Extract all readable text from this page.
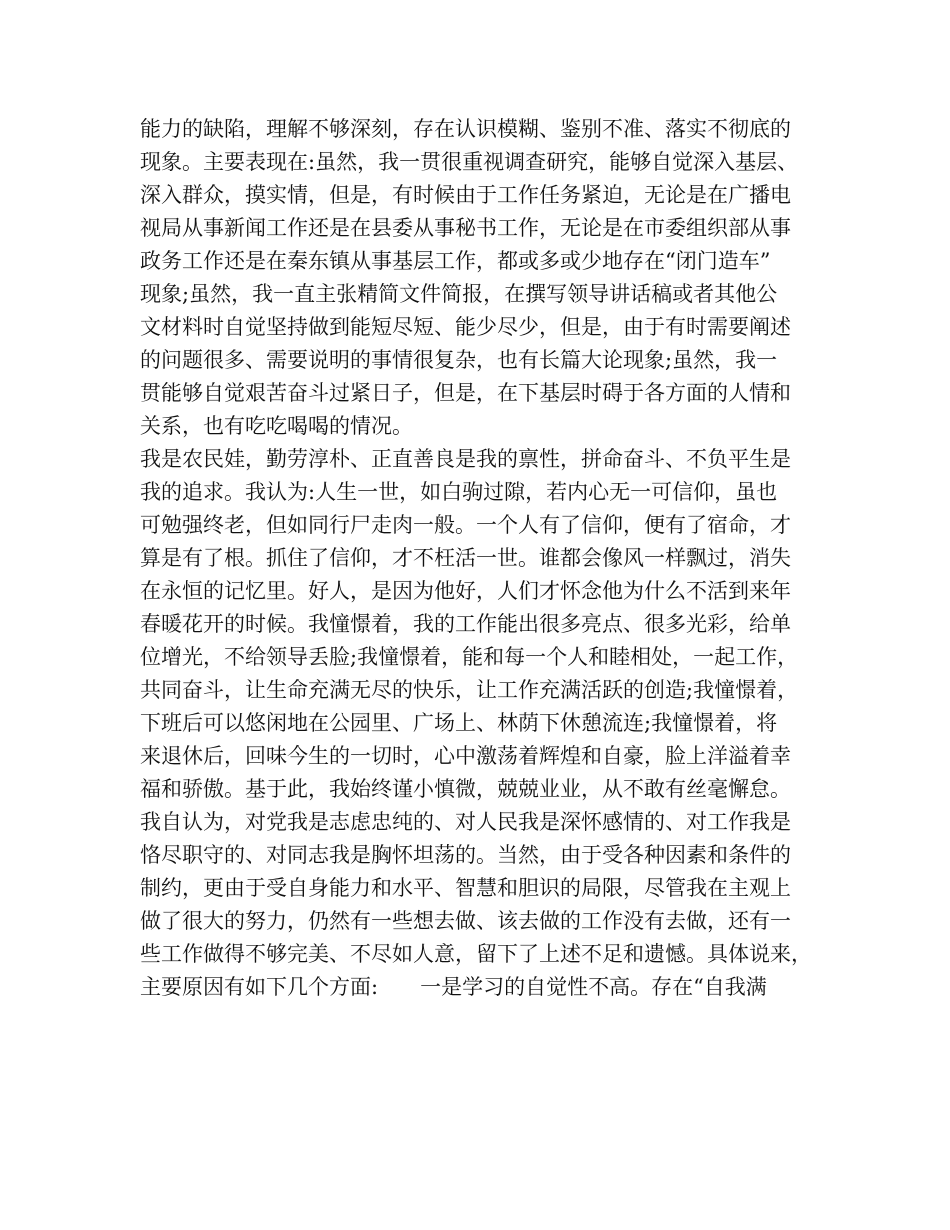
能力的缺陷，理解不够深刻，存在认识模糊、鉴别不准、落实不彻底的
现象。主要表现在:虽然，我一贯很重视调查研究，能够自觉深入基层、
深入群众，摸实情，但是，有时候由于工作任务紧迫，无论是在广播电
视局从事新闻工作还是在县委从事秘书工作，无论是在市委组织部从事
政务工作还是在秦东镇从事基层工作，都或多或少地存在“闭门造车”
现象;虽然，我一直主张精简文件简报，在撰写领导讲话稿或者其他公
文材料时自觉坚持做到能短尽短、能少尽少，但是，由于有时需要阐述
的问题很多、需要说明的事情很复杂，也有长篇大论现象;虽然，我一
贯能够自觉艰苦奋斗过紧日子，但是，在下基层时碍于各方面的人情和
关系，也有吃吃喝喝的情况。
我是农民娃，勤劳淳朴、正直善良是我的禀性，拼命奋斗、不负平生是
我的追求。我认为:人生一世，如白驹过隙，若内心无一可信仰，虽也
可勉强终老，但如同行尸走肉一般。一个人有了信仰，便有了宿命，才
算是有了根。抓住了信仰，才不枉活一世。谁都会像风一样飘过，消失
在永恒的记忆里。好人，是因为他好，人们才怀念他为什么不活到来年
春暖花开的时候。我憧憬着，我的工作能出很多亮点、很多光彩，给单
位增光，不给领导丢脸;我憧憬着，能和每一个人和睦相处，一起工作，
共同奋斗，让生命充满无尽的快乐，让工作充满活跃的创造;我憧憬着，
下班后可以悠闲地在公园里、广场上、林荫下休憩流连;我憧憬着，将
来退休后，回味今生的一切时，心中激荡着辉煌和自豪，脸上洋溢着幸
福和骄傲。基于此，我始终谨小慎微，兢兢业业，从不敢有丝毫懈怠。
我自认为，对党我是志虑忠纯的、对人民我是深怀感情的、对工作我是
恪尽职守的、对同志我是胸怀坦荡的。当然，由于受各种因素和条件的
制约，更由于受自身能力和水平、智慧和胆识的局限，尽管我在主观上
做了很大的努力，仍然有一些想去做、该去做的工作没有去做，还有一
些工作做得不够完美、不尽如人意，留下了上述不足和遗憾。具体说来，
主要原因有如下几个方面:　　一是学习的自觉性不高。存在“自我满
